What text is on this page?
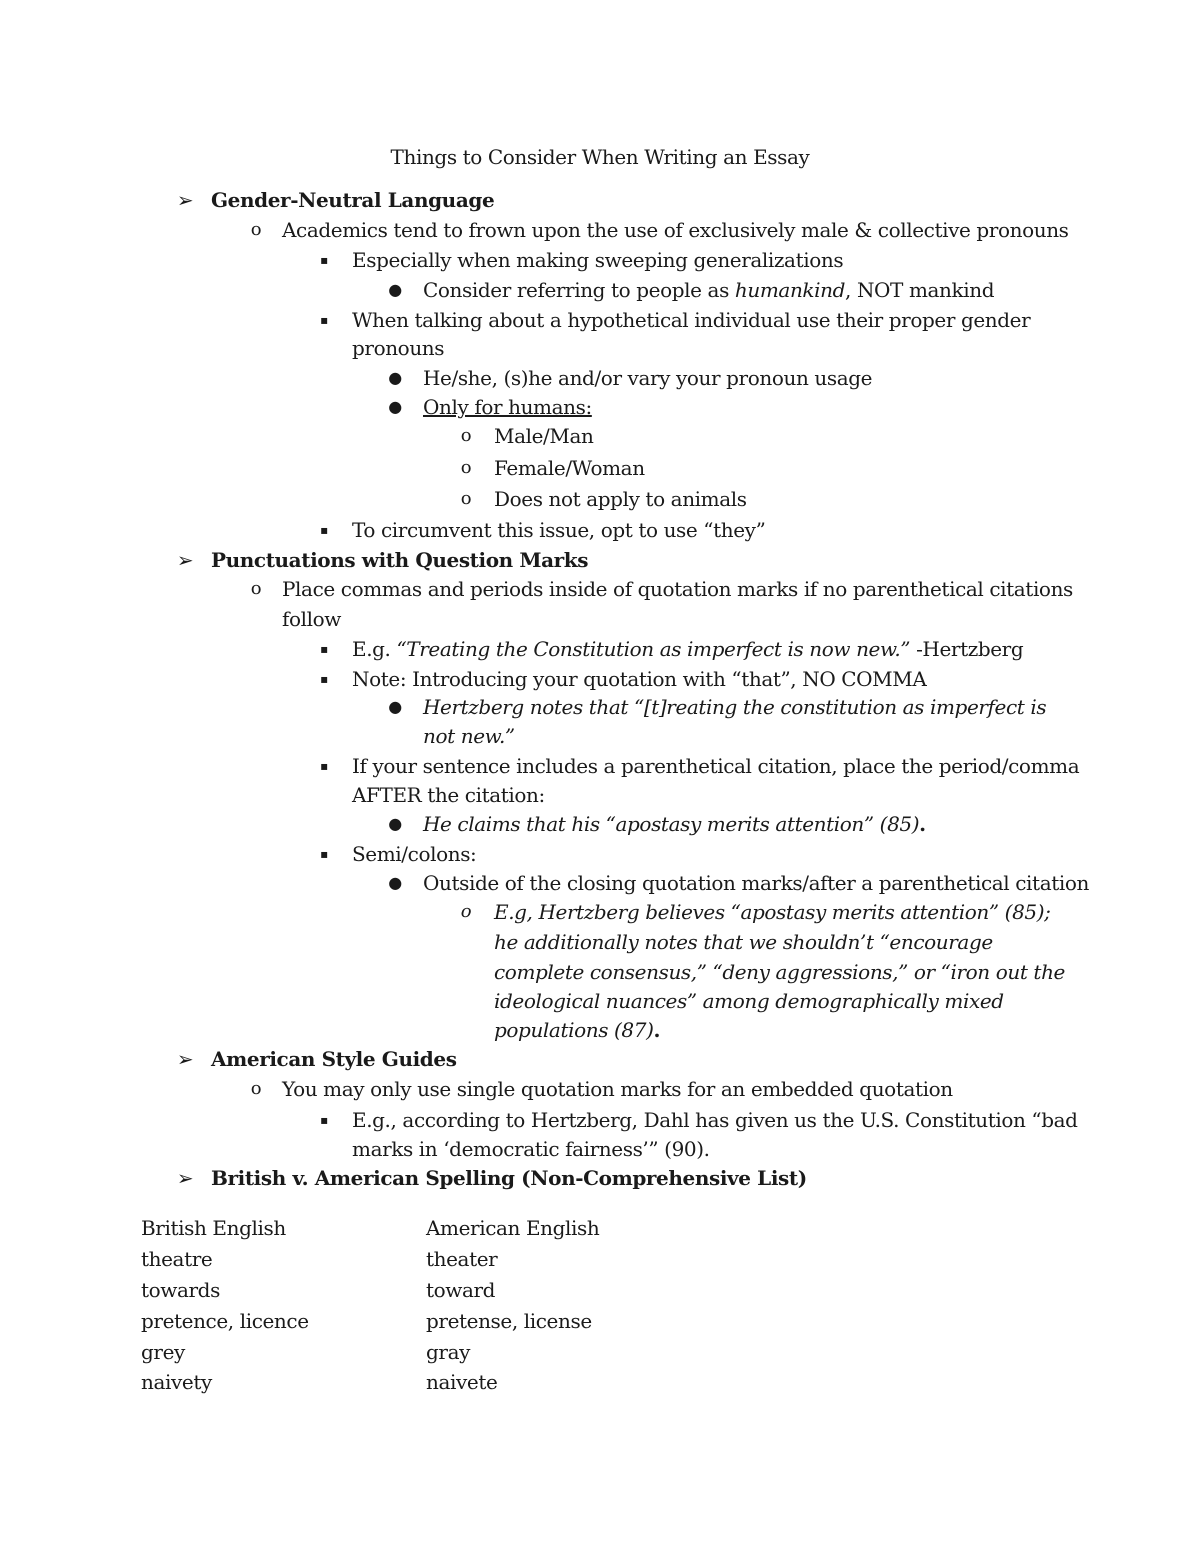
Things to Consider When Writing an Essay
➢ Gender-Neutral Language
o Academics tend to frown upon the use of exclusively male & collective pronouns
▪	Especially when making sweeping generalizations
● Consider referring to people as humankind, NOT mankind
▪	When talking about a hypothetical individual use their proper gender
pronouns
● He/she, (s)he and/or vary your pronoun usage
● Only for humans:
o Male/Man
o Female/Woman
o Does not apply to animals
▪	To circumvent this issue, opt to use “they”
➢ Punctuations with Question Marks
o Place commas and periods inside of quotation marks if no parenthetical citations
follow
▪	E.g. “Treating the Constitution as imperfect is now new.” -Hertzberg
▪	Note: Introducing your quotation with “that”, NO COMMA
● Hertzberg notes that “[t]reating the constitution as imperfect is
not new.”
▪	If your sentence includes a parenthetical citation, place the period/comma
AFTER the citation:
● He claims that his “apostasy merits attention” (85).
▪	Semi/colons:
● Outside of the closing quotation marks/after a parenthetical citation
o E.g, Hertzberg believes “apostasy merits attention” (85);
he additionally notes that we shouldn’t “encourage
complete consensus,” “deny aggressions,” or “iron out the
ideological nuances” among demographically mixed
populations (87).
➢ American Style Guides
o You may only use single quotation marks for an embedded quotation
▪	E.g., according to Hertzberg, Dahl has given us the U.S. Constitution “bad
marks in ‘democratic fairness’” (90).
➢ British v. American Spelling (Non-Comprehensive List)
British English	American English
theatre	theater
towards	toward
pretence, licence	pretense, license
grey	gray
naivety	naivete
